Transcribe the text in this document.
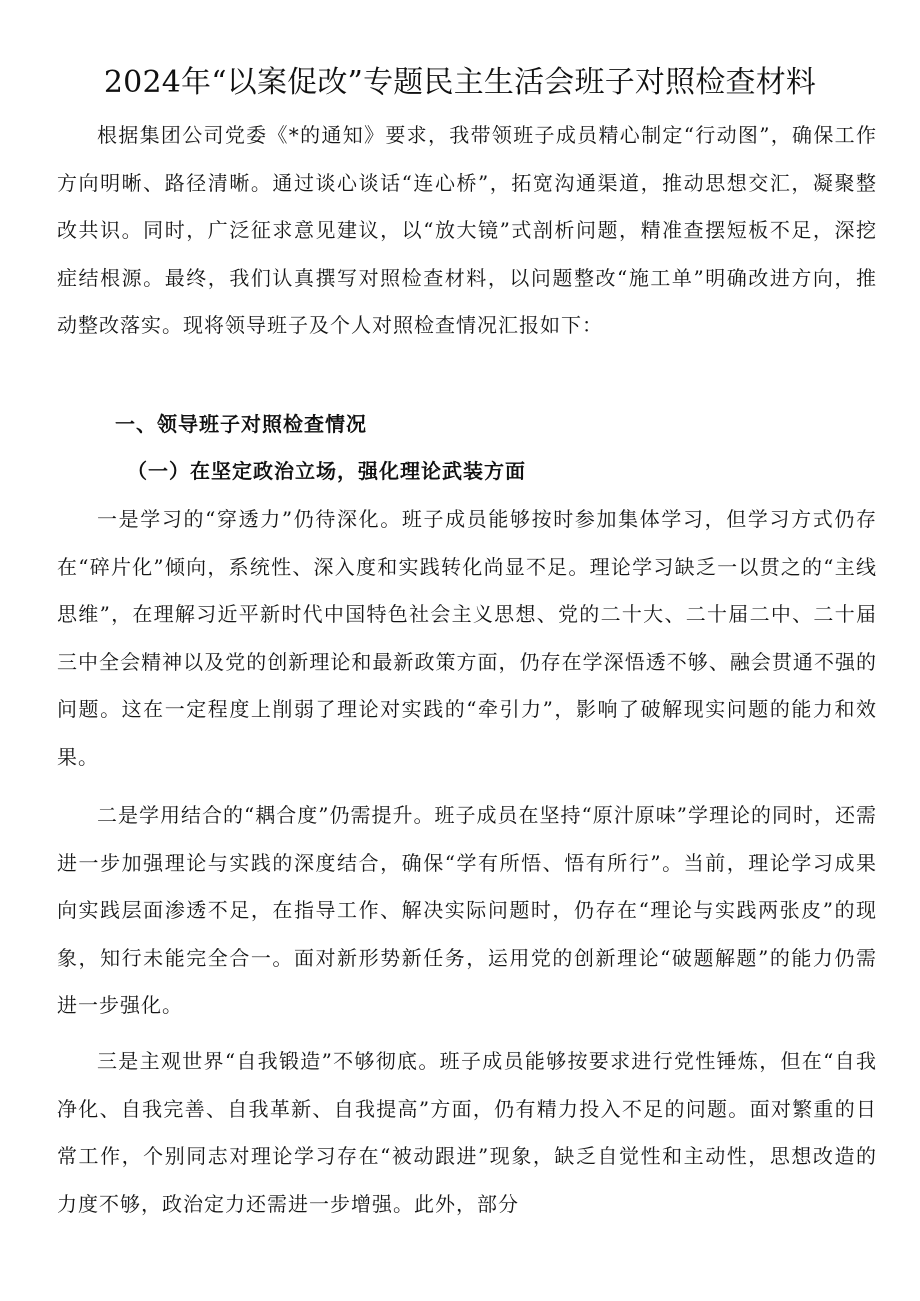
2024年“以案促改”专题民主生活会班子对照检查材料

根据集团公司党委《*的通知》要求，我带领班子成员精心制定“行动图”，确保工作方向明晰、路径清晰。通过谈心谈话“连心桥”，拓宽沟通渠道，推动思想交汇，凝聚整改共识。同时，广泛征求意见建议，以“放大镜”式剖析问题，精准查摆短板不足，深挖症结根源。最终，我们认真撰写对照检查材料，以问题整改“施工单”明确改进方向，推动整改落实。现将领导班子及个人对照检查情况汇报如下：

一、领导班子对照检查情况
（一）在坚定政治立场，强化理论武装方面

一是学习的“穿透力”仍待深化。班子成员能够按时参加集体学习，但学习方式仍存在“碎片化”倾向，系统性、深入度和实践转化尚显不足。理论学习缺乏一以贯之的“主线思维”，在理解习近平新时代中国特色社会主义思想、党的二十大、二十届二中、二十届三中全会精神以及党的创新理论和最新政策方面，仍存在学深悟透不够、融会贯通不强的问题。这在一定程度上削弱了理论对实践的“牵引力”，影响了破解现实问题的能力和效果。

二是学用结合的“耦合度”仍需提升。班子成员在坚持“原汁原味”学理论的同时，还需进一步加强理论与实践的深度结合，确保“学有所悟、悟有所行”。当前，理论学习成果向实践层面渗透不足，在指导工作、解决实际问题时，仍存在“理论与实践两张皮”的现象，知行未能完全合一。面对新形势新任务，运用党的创新理论“破题解题”的能力仍需进一步强化。

三是主观世界“自我锻造”不够彻底。班子成员能够按要求进行党性锤炼，但在“自我净化、自我完善、自我革新、自我提高”方面，仍有精力投入不足的问题。面对繁重的日常工作，个别同志对理论学习存在“被动跟进”现象，缺乏自觉性和主动性，思想改造的力度不够，政治定力还需进一步增强。此外，部分
